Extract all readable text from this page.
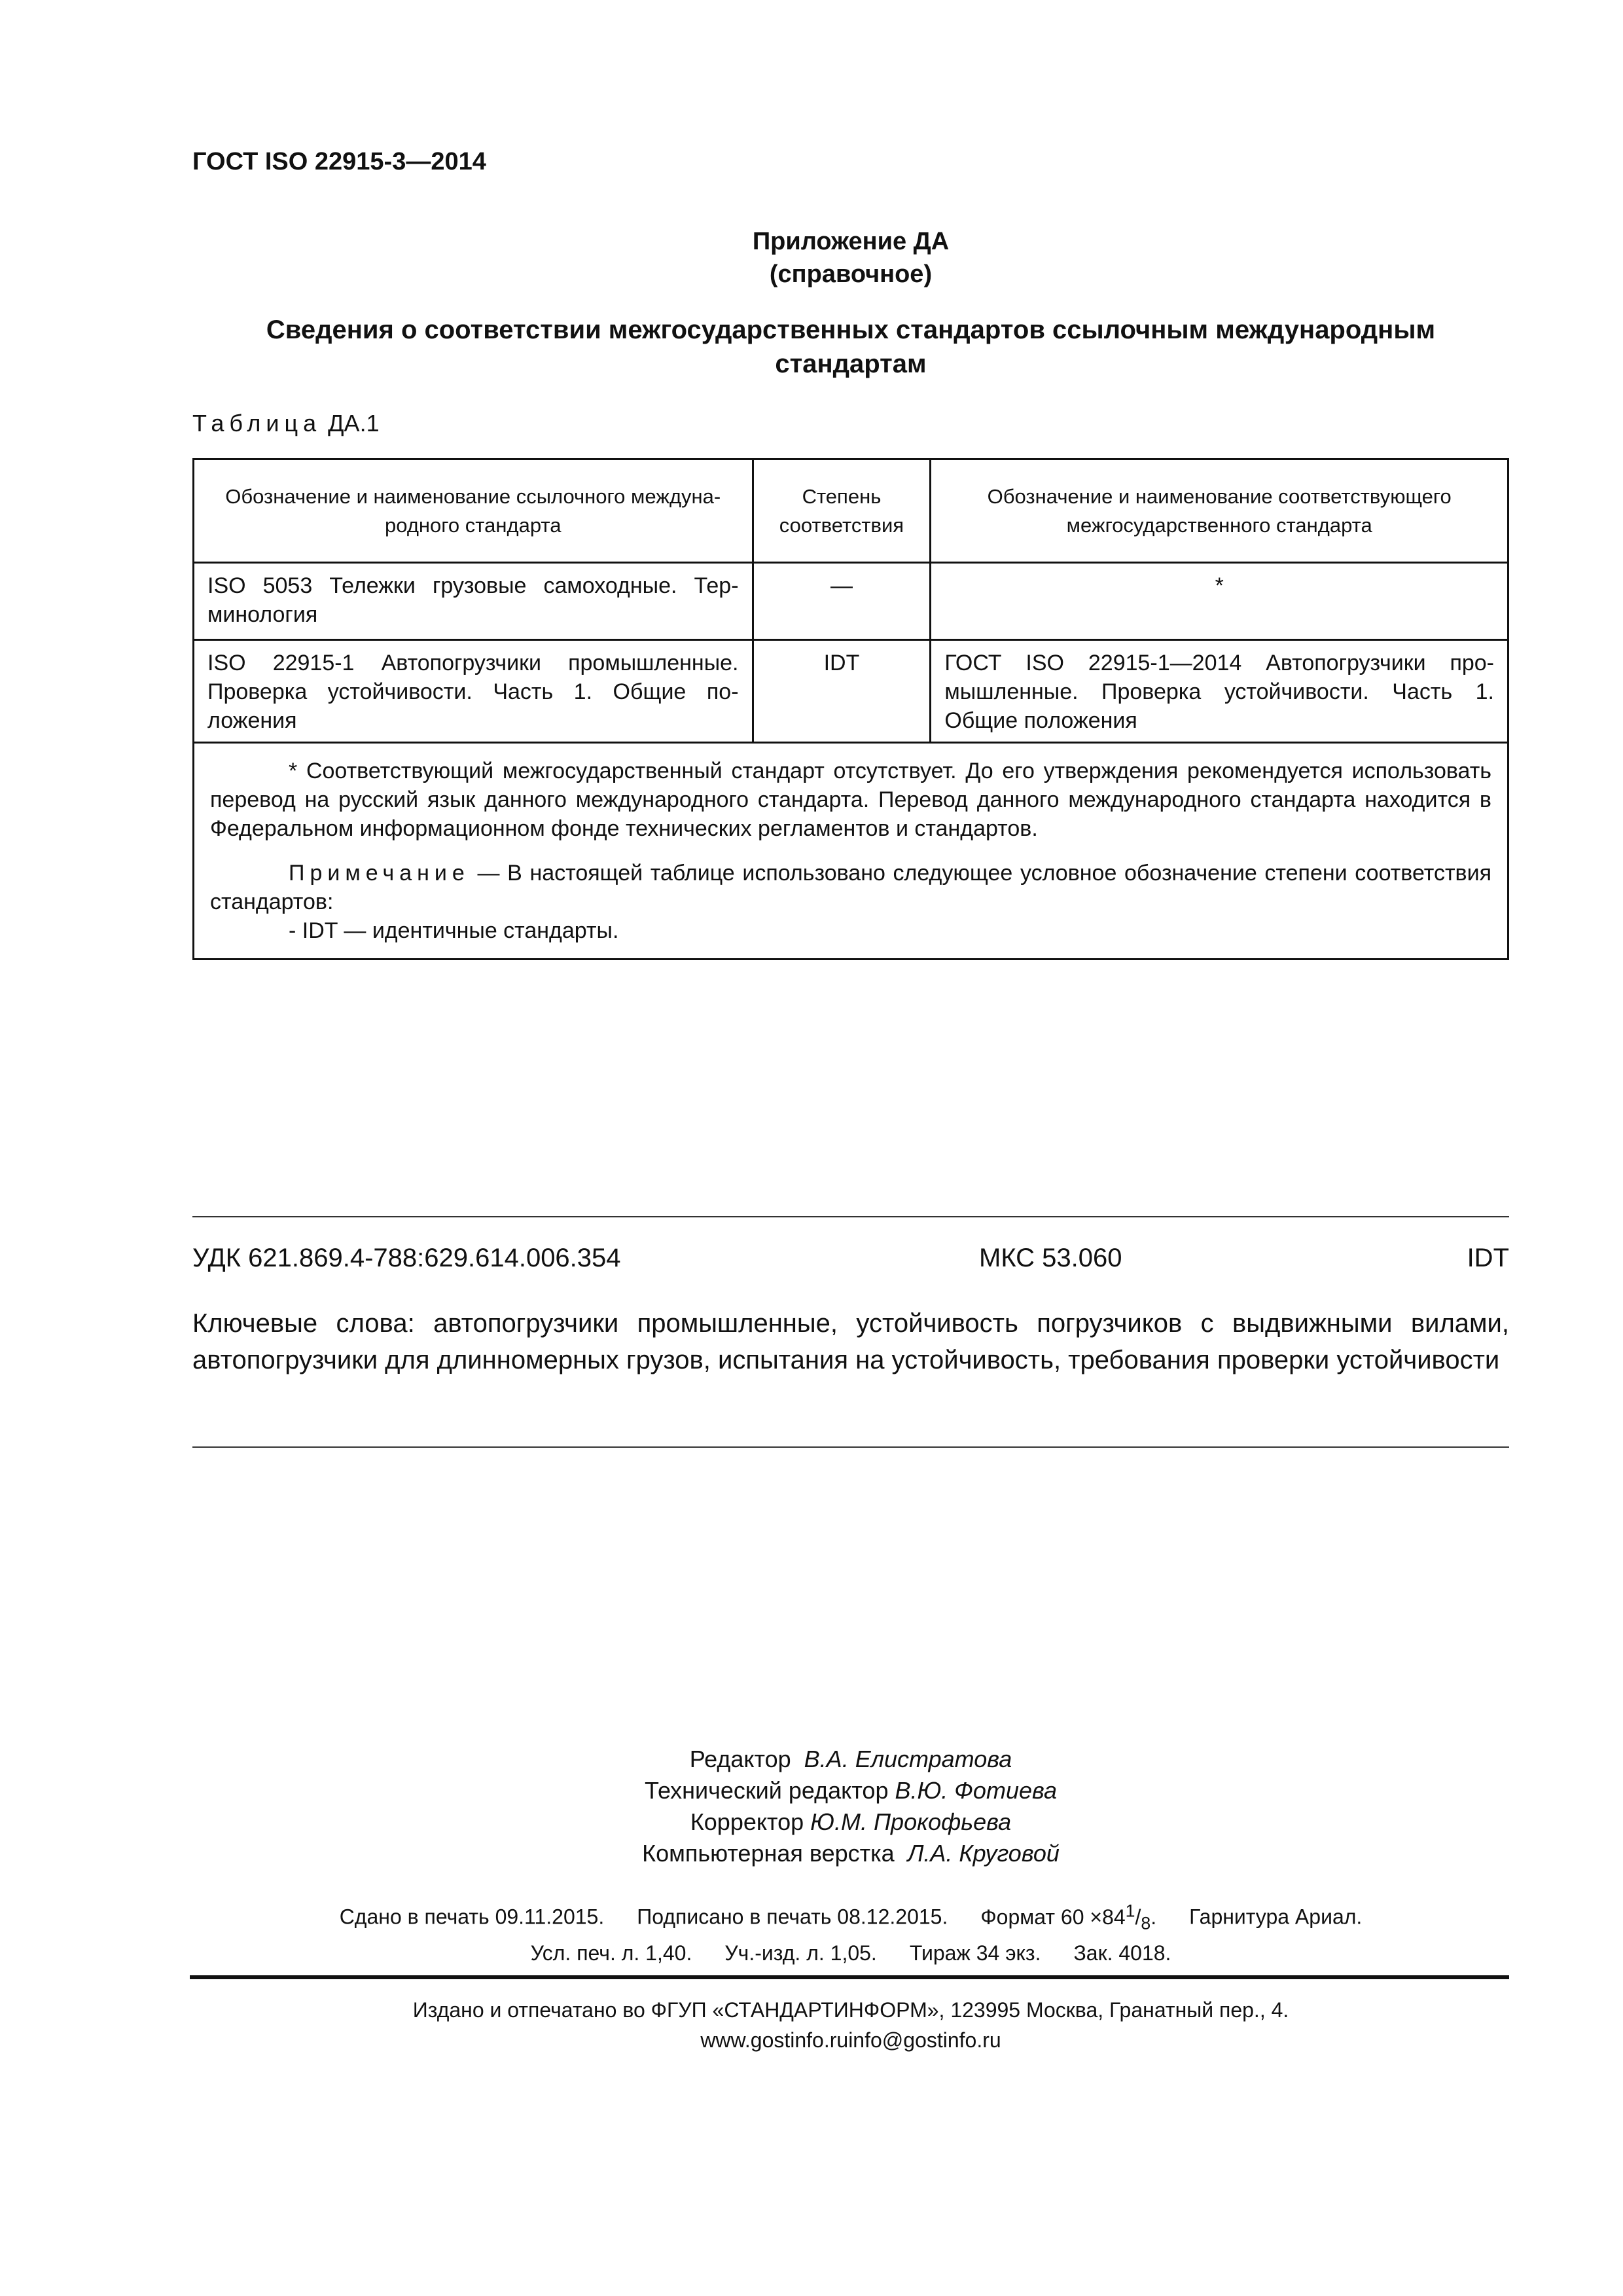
ГОСТ ISO 22915-3—2014
Приложение ДА
(справочное)
Сведения о соответствии межгосударственных стандартов ссылочным международным стандартам
Таблица ДА.1
Обозначение и наименование ссылочного международного стандарта	Степень соответствия	Обозначение и наименование соответствующего межгосударственного стандарта
ISO 5053 Тележки грузовые самоходные. Терминология	—	*
ISO 22915-1 Автопогрузчики промышленные. Проверка устойчивости. Часть 1. Общие положения	IDT	ГОСТ ISO 22915-1—2014 Автопогрузчики промышленные. Проверка устойчивости. Часть 1. Общие положения

* Соответствующий межгосударственный стандарт отсутствует. До его утверждения рекомендуется использовать перевод на русский язык данного международного стандарта. Перевод данного международного стандарта находится в Федеральном информационном фонде технических регламентов и стандартов.
Примечание — В настоящей таблице использовано следующее условное обозначение степени соответствия стандартов:
- IDT — идентичные стандарты.		
УДК 621.869.4-788:629.614.006.354	МКС 53.060	IDT
Ключевые слова: автопогрузчики промышленные, устойчивость погрузчиков с выдвижными вилами, автопогрузчики для длинномерных грузов, испытания на устойчивость, требования проверки устойчивости
Редактор В.А. Елистратова
Технический редактор В.Ю. Фотиева
Корректор Ю.М. Прокофьева
Компьютерная верстка Л.А. Круговой
Сдано в печать 09.11.2015. Подписано в печать 08.12.2015. Формат $60 \times 84^1/_8$. Гарнитура Ариал.
Усл. печ. л. 1,40. Уч.-изд. л. 1,05. Тираж 34 экз. Зак. 4018.
Издано и отпечатано во ФГУП «СТАНДАРТИНФОРМ», 123995 Москва, Гранатный пер., 4.
www.gostinfo.ruinfo@gostinfo.ru
